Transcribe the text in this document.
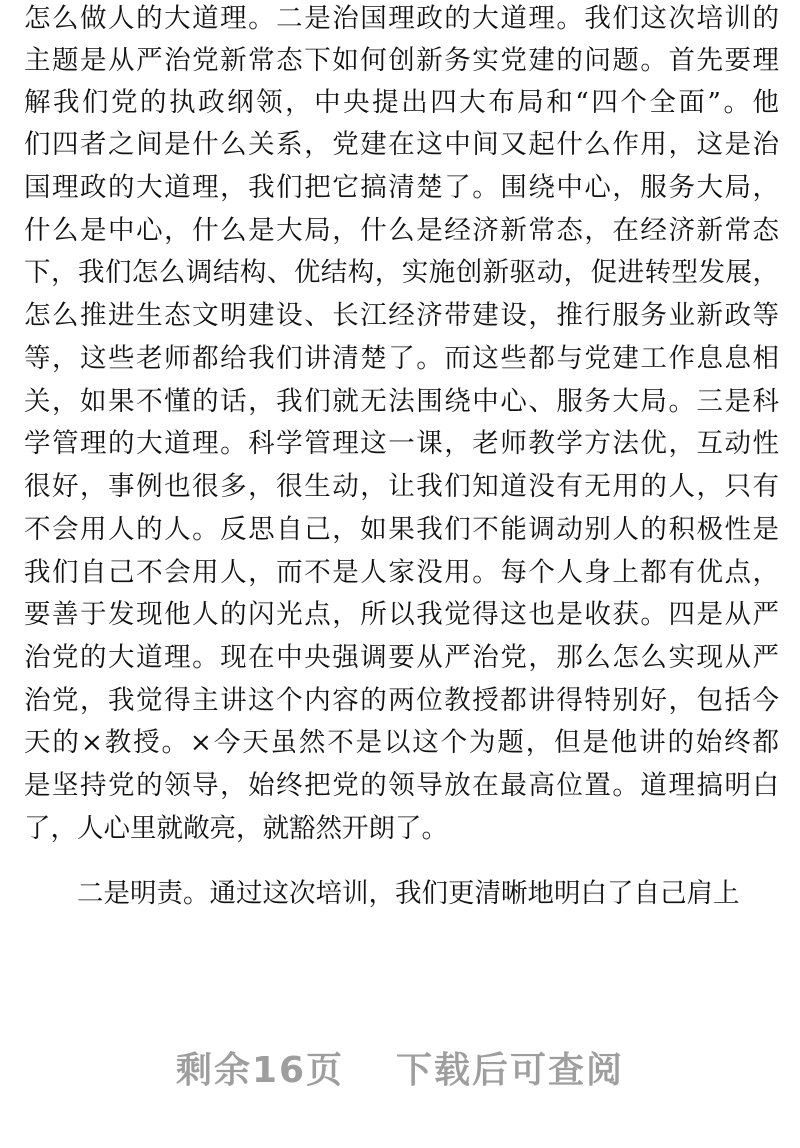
怎么做人的大道理。二是治国理政的大道理。我们这次培训的
主题是从严治党新常态下如何创新务实党建的问题。首先要理
解我们党的执政纲领，中央提出四大布局和“四个全面”。他
们四者之间是什么关系，党建在这中间又起什么作用，这是治
国理政的大道理，我们把它搞清楚了。围绕中心，服务大局，
什么是中心，什么是大局，什么是经济新常态，在经济新常态
下，我们怎么调结构、优结构，实施创新驱动，促进转型发展，
怎么推进生态文明建设、长江经济带建设，推行服务业新政等
等，这些老师都给我们讲清楚了。而这些都与党建工作息息相
关，如果不懂的话，我们就无法围绕中心、服务大局。三是科
学管理的大道理。科学管理这一课，老师教学方法优，互动性
很好，事例也很多，很生动，让我们知道没有无用的人，只有
不会用人的人。反思自己，如果我们不能调动别人的积极性是
我们自己不会用人，而不是人家没用。每个人身上都有优点，
要善于发现他人的闪光点，所以我觉得这也是收获。四是从严
治党的大道理。现在中央强调要从严治党，那么怎么实现从严
治党，我觉得主讲这个内容的两位教授都讲得特别好，包括今
天的×教授。×今天虽然不是以这个为题，但是他讲的始终都
是坚持党的领导，始终把党的领导放在最高位置。道理搞明白
了，人心里就敞亮，就豁然开朗了。
二是明责。通过这次培训，我们更清晰地明白了自己肩上
剩余16页 下载后可查阅
